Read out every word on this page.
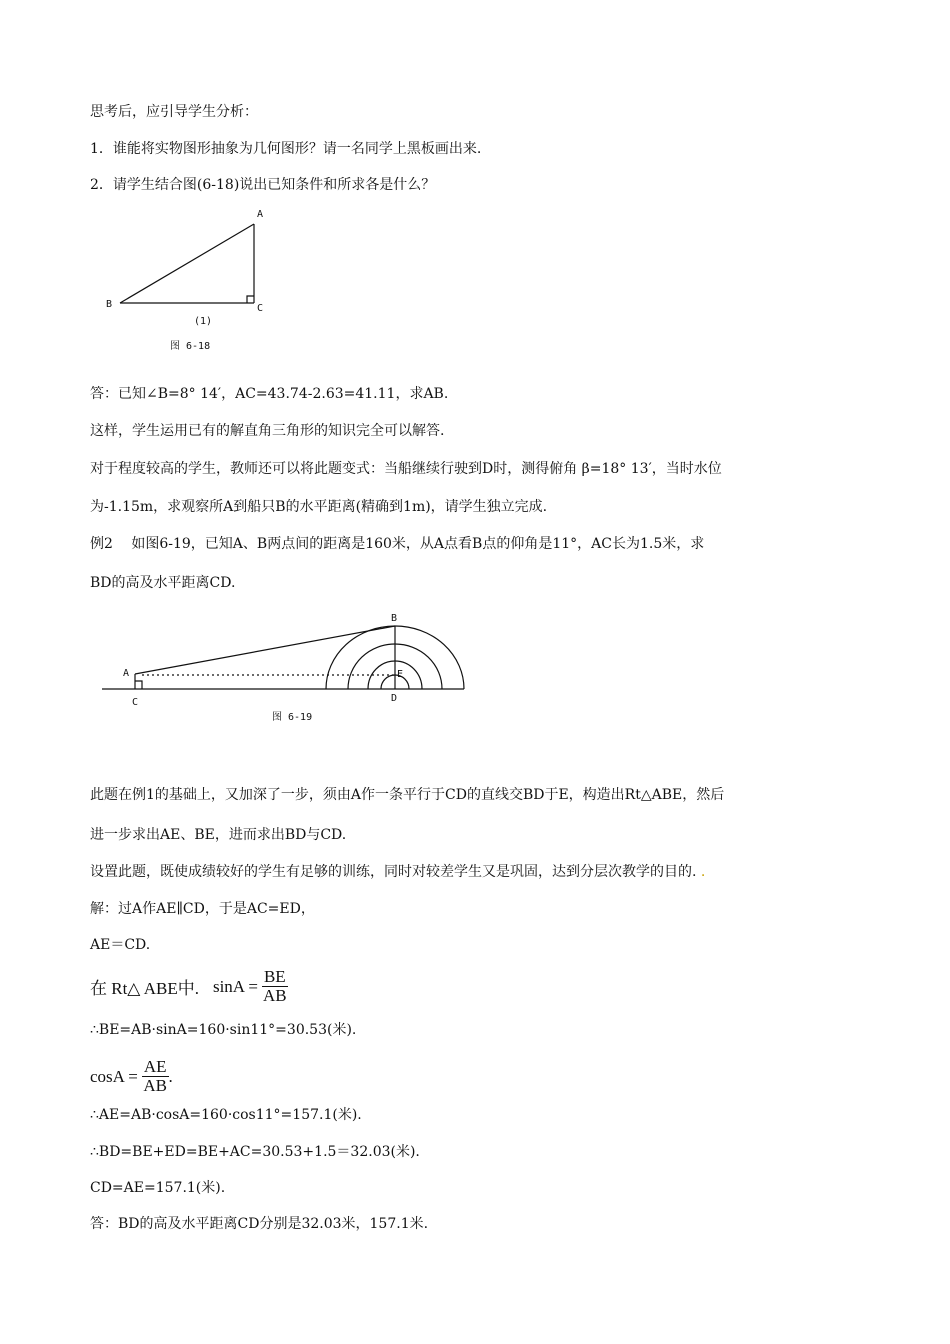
思考后，应引导学生分析：
1．谁能将实物图形抽象为几何图形？请一名同学上黑板画出来.
2．请学生结合图(6-18)说出已知条件和所求各是什么？
A
B	C
(1)
图 6-18
答：已知∠B=8° 14′，AC=43.74-2.63=41.11，求AB.
这样，学生运用已有的解直角三角形的知识完全可以解答.
对于程度较高的学生，教师还可以将此题变式：当船继续行驶到D时，测得俯角 β=18° 13′，当时水位
为-1.15m，求观察所A到船只B的水平距离(精确到1m)，请学生独立完成.
例2　 如图6-19，已知A、B两点间的距离是160米，从A点看B点的仰角是11°，AC长为1.5米，求
BD的高及水平距离CD.
A
B
C	D
E
图 6-19
此题在例1的基础上，又加深了一步，须由A作一条平行于CD的直线交BD于E，构造出Rt△ABE，然后
进一步求出AE、BE，进而求出BD与CD.
设置此题，既使成绩较好的学生有足够的训练，同时对较差学生又是巩固，达到分层次教学的目的. .
解：过A作AE∥CD，于是AC=ED，
AE＝CD.
在 Rt△ ABE中. $\sin A = \frac{BE}{AB}$
∴BE=AB·sinA=160·sin11°=30.53(米).
$\cos A = \frac{AE}{AB}$ .
∴AE=AB·cosA=160·cos11°=157.1(米).
∴BD=BE+ED=BE+AC=30.53+1.5＝32.03(米).
CD=AE=157.1(米).
答：BD的高及水平距离CD分别是32.03米，157.1米.
